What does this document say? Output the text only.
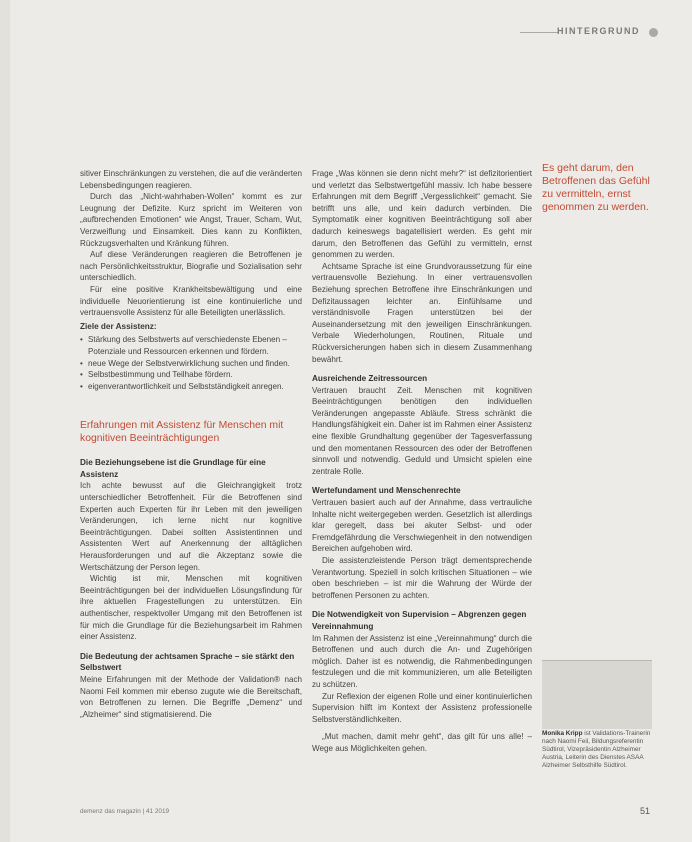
HINTERGRUND

sitiver Einschränkungen zu verstehen, die auf die veränderten Lebensbedingungen reagieren.

Durch das „Nicht-wahrhaben-Wollen“ kommt es zur Leugnung der Defizite. Kurz spricht im Weiteren von „aufbrechenden Emotionen“ wie Angst, Trauer, Scham, Wut, Verzweiflung und Einsamkeit. Dies kann zu Konflikten, Rückzugsverhalten und Kränkung führen.

Auf diese Veränderungen reagieren die Betroffenen je nach Persönlichkeitsstruktur, Biografie und Sozialisation sehr unterschiedlich.

Für eine positive Krankheitsbewältigung und eine individuelle Neuorientierung ist eine kontinuierliche und vertrauensvolle Assistenz für alle Beteiligten unerlässlich.

Ziele der Assistenz:
• Stärkung des Selbstwerts auf verschiedenste Ebenen – Potenziale und Ressourcen erkennen und fördern.
• neue Wege der Selbstverwirklichung suchen und finden.
• Selbstbestimmung und Teilhabe fördern.
• eigenverantwortlichkeit und Selbstständigkeit anregen.
Erfahrungen mit Assistenz für Menschen mit kognitiven Beeinträchtigungen
Die Beziehungsebene ist die Grundlage für eine Assistenz

Ich achte bewusst auf die Gleichrangigkeit trotz unterschiedlicher Betroffenheit. Für die Betroffenen sind Experten auch Experten für ihr Leben mit den jeweiligen Veränderungen, ich lerne nicht nur kognitive Beeinträchtigungen. Dabei sollten Assistentinnen und Assistenten Wert auf Anerkennung der alltäglichen Herausforderungen und auf die Akzeptanz sowie die Wertschätzung der Person legen.

Wichtig ist mir, Menschen mit kognitiven Beeinträchtigungen bei der individuellen Lösungsfindung für ihre aktuellen Fragestellungen zu unterstützen. Ein authentischer, respektvoller Umgang mit den Betroffenen ist für mich die Grundlage für die Beziehungsarbeit im Rahmen einer Assistenz.

Die Bedeutung der achtsamen Sprache – sie stärkt den Selbstwert

Meine Erfahrungen mit der Methode der Validation® nach Naomi Feil kommen mir ebenso zugute wie die Bereitschaft, von Betroffenen zu lernen. Die Begriffe „Demenz“ und „Alzheimer“ sind stigmatisierend. Die

Frage „Was können sie denn nicht mehr?“ ist defizitorientiert und verletzt das Selbstwertgefühl massiv. Ich habe bessere Erfahrungen mit dem Begriff „Vergesslichkeit“ gemacht. Sie betrifft uns alle, und kein dadurch verbinden. Die Symptomatik einer kognitiven Beeinträchtigung soll aber dadurch keineswegs bagatellisiert werden. Es geht mir darum, den Betroffenen das Gefühl zu vermitteln, ernst genommen zu werden.

Achtsame Sprache ist eine Grundvoraussetzung für eine vertrauensvolle Beziehung. In einer vertrauensvollen Beziehung sprechen Betroffene ihre Einschränkungen und Defizitaussagen leichter an. Einfühlsame und verständnisvolle Fragen unterstützen bei der Auseinandersetzung mit den jeweiligen Einschränkungen. Verbale Wiederholungen, Routinen, Rituale und Rückversicherungen haben sich in diesem Zusammenhang bewährt.

Ausreichende Zeitressourcen

Vertrauen braucht Zeit. Menschen mit kognitiven Beeinträchtigungen benötigen den individuellen Veränderungen angepasste Abläufe. Stress schränkt die Handlungsfähigkeit ein. Daher ist im Rahmen einer Assistenz eine flexible Grundhaltung gegenüber der Tagesverfassung und den momentanen Ressourcen des oder der Betroffenen sinnvoll und notwendig. Geduld und Umsicht spielen eine zentrale Rolle.

Wertefundament und Menschenrechte

Vertrauen basiert auch auf der Annahme, dass vertrauliche Inhalte nicht weitergegeben werden. Gesetzlich ist allerdings klar geregelt, dass bei akuter Selbst- und oder Fremdgefährdung die Verschwiegenheit in den notwendigen Bereichen aufgehoben wird.

Die assistenzleistende Person trägt dementsprechende Verantwortung. Speziell in solch kritischen Situationen – wie oben beschrieben – ist mir die Wahrung der Würde der betroffenen Personen zu achten.

Die Notwendigkeit von Supervision – Abgrenzen gegen Vereinnahmung

Im Rahmen der Assistenz ist eine „Vereinnahmung“ durch die Betroffenen und auch durch die An- und Zugehörigen möglich. Daher ist es notwendig, die Rahmenbedingungen festzulegen und die mit kommunizieren, um alle Beteiligten zu schützen.

Zur Reflexion der eigenen Rolle und einer kontinuierlichen Supervision hilft im Kontext der Assistenz professionelle Selbstverständlichkeiten.

„Mut machen, damit mehr geht“, das gilt für uns alle! – Wege aus Möglichkeiten gehen.

Es geht darum, den Betroffenen das Gefühl zu vermitteln, ernst genommen zu werden.
Monika Kripp ist Validations-Trainerin nach Naomi Feil, Bildungsreferentin Südtirol, Vizepräsidentin Alzheimer Austria, Leiterin des Dienstes ASAA Alzheimer Selbsthilfe Südtirol.
demenz das magazin | 41 2019	51
